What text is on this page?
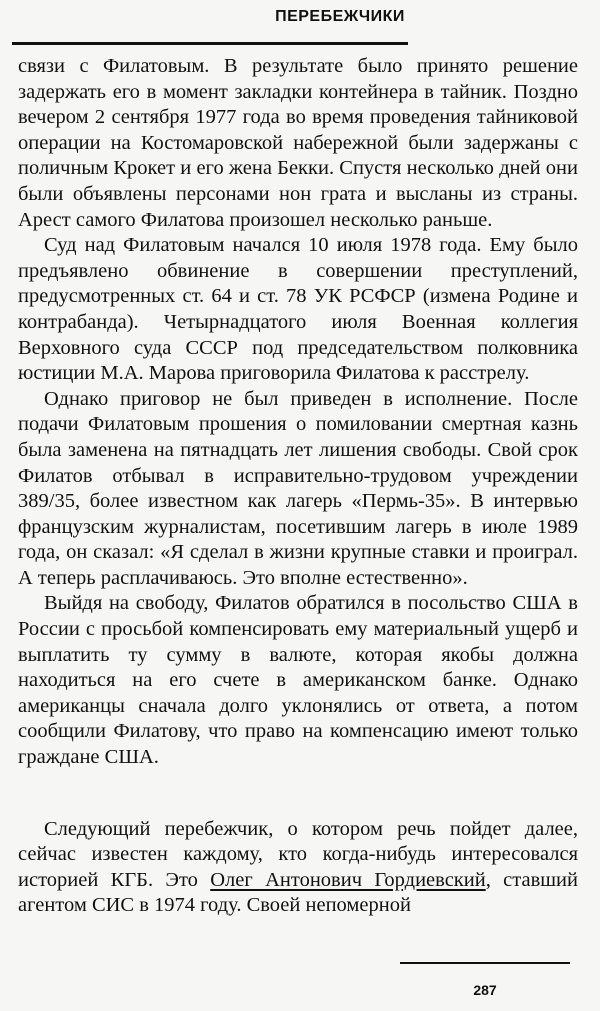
ПЕРЕБЕЖЧИКИ

связи с Филатовым. В результате было принято решение задержать его в момент закладки контейнера в тайник. Поздно вечером 2 сентября 1977 года во время проведения тайниковой операции на Костомаровской набережной были задержаны с поличным Крокет и его жена Бекки. Спустя несколько дней они были объявлены персонами нон грата и высланы из страны. Арест самого Филатова произошел несколько раньше.

Суд над Филатовым начался 10 июля 1978 года. Ему было предъявлено обвинение в совершении преступлений, предусмотренных ст. 64 и ст. 78 УК РСФСР (измена Родине и контрабанда). Четырнадцатого июля Военная коллегия Верховного суда СССР под председательством полковника юстиции М.А. Марова приговорила Филатова к расстрелу.

Однако приговор не был приведен в исполнение. После подачи Филатовым прошения о помиловании смертная казнь была заменена на пятнадцать лет лишения свободы. Свой срок Филатов отбывал в исправительно-трудовом учреждении 389/35, более известном как лагерь «Пермь-35». В интервью французским журналистам, посетившим лагерь в июле 1989 года, он сказал: «Я сделал в жизни крупные ставки и проиграл. А теперь расплачиваюсь. Это вполне естественно».

Выйдя на свободу, Филатов обратился в посольство США в России с просьбой компенсировать ему материальный ущерб и выплатить ту сумму в валюте, которая якобы должна находиться на его счете в американском банке. Однако американцы сначала долго уклонялись от ответа, а потом сообщили Филатову, что право на компенсацию имеют только граждане США.

Следующий перебежчик, о котором речь пойдет далее, сейчас известен каждому, кто когда-нибудь интересовался историей КГБ. Это Олег Антонович Гордиевский, ставший агентом СИС в 1974 году. Своей непомерной

287
